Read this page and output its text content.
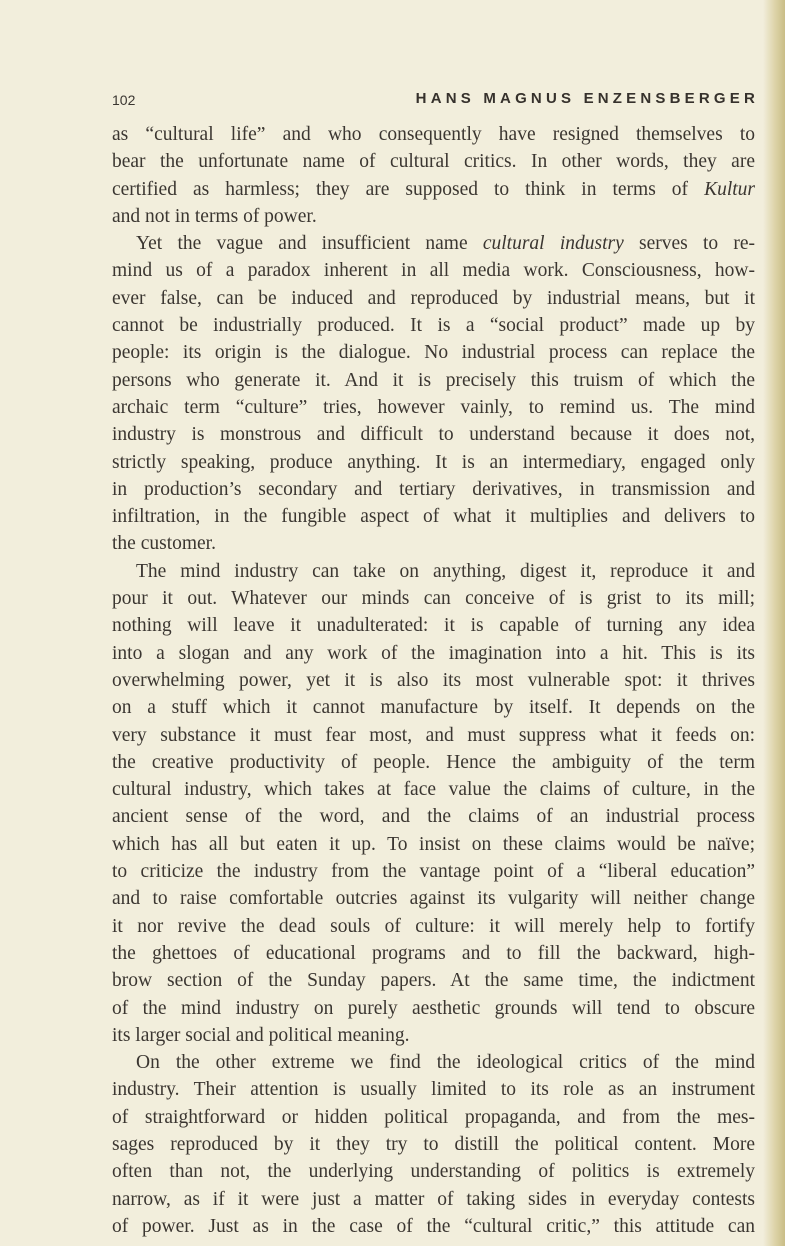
102	HANS MAGNUS ENZENSBERGER
as “cultural life” and who consequently have resigned themselves to
bear the unfortunate name of cultural critics. In other words, they are
certified as harmless; they are supposed to think in terms of Kultur
and not in terms of power.
Yet the vague and insufficient name cultural industry serves to re-
mind us of a paradox inherent in all media work. Consciousness, how-
ever false, can be induced and reproduced by industrial means, but it
cannot be industrially produced. It is a “social product” made up by
people: its origin is the dialogue. No industrial process can replace the
persons who generate it. And it is precisely this truism of which the
archaic term “culture” tries, however vainly, to remind us. The mind
industry is monstrous and difficult to understand because it does not,
strictly speaking, produce anything. It is an intermediary, engaged only
in production’s secondary and tertiary derivatives, in transmission and
infiltration, in the fungible aspect of what it multiplies and delivers to
the customer.
The mind industry can take on anything, digest it, reproduce it and
pour it out. Whatever our minds can conceive of is grist to its mill;
nothing will leave it unadulterated: it is capable of turning any idea
into a slogan and any work of the imagination into a hit. This is its
overwhelming power, yet it is also its most vulnerable spot: it thrives
on a stuff which it cannot manufacture by itself. It depends on the
very substance it must fear most, and must suppress what it feeds on:
the creative productivity of people. Hence the ambiguity of the term
cultural industry, which takes at face value the claims of culture, in the
ancient sense of the word, and the claims of an industrial process
which has all but eaten it up. To insist on these claims would be naïve;
to criticize the industry from the vantage point of a “liberal education”
and to raise comfortable outcries against its vulgarity will neither change
it nor revive the dead souls of culture: it will merely help to fortify
the ghettoes of educational programs and to fill the backward, high-
brow section of the Sunday papers. At the same time, the indictment
of the mind industry on purely aesthetic grounds will tend to obscure
its larger social and political meaning.
On the other extreme we find the ideological critics of the mind
industry. Their attention is usually limited to its role as an instrument
of straightforward or hidden political propaganda, and from the mes-
sages reproduced by it they try to distill the political content. More
often than not, the underlying understanding of politics is extremely
narrow, as if it were just a matter of taking sides in everyday contests
of power. Just as in the case of the “cultural critic,” this attitude can
